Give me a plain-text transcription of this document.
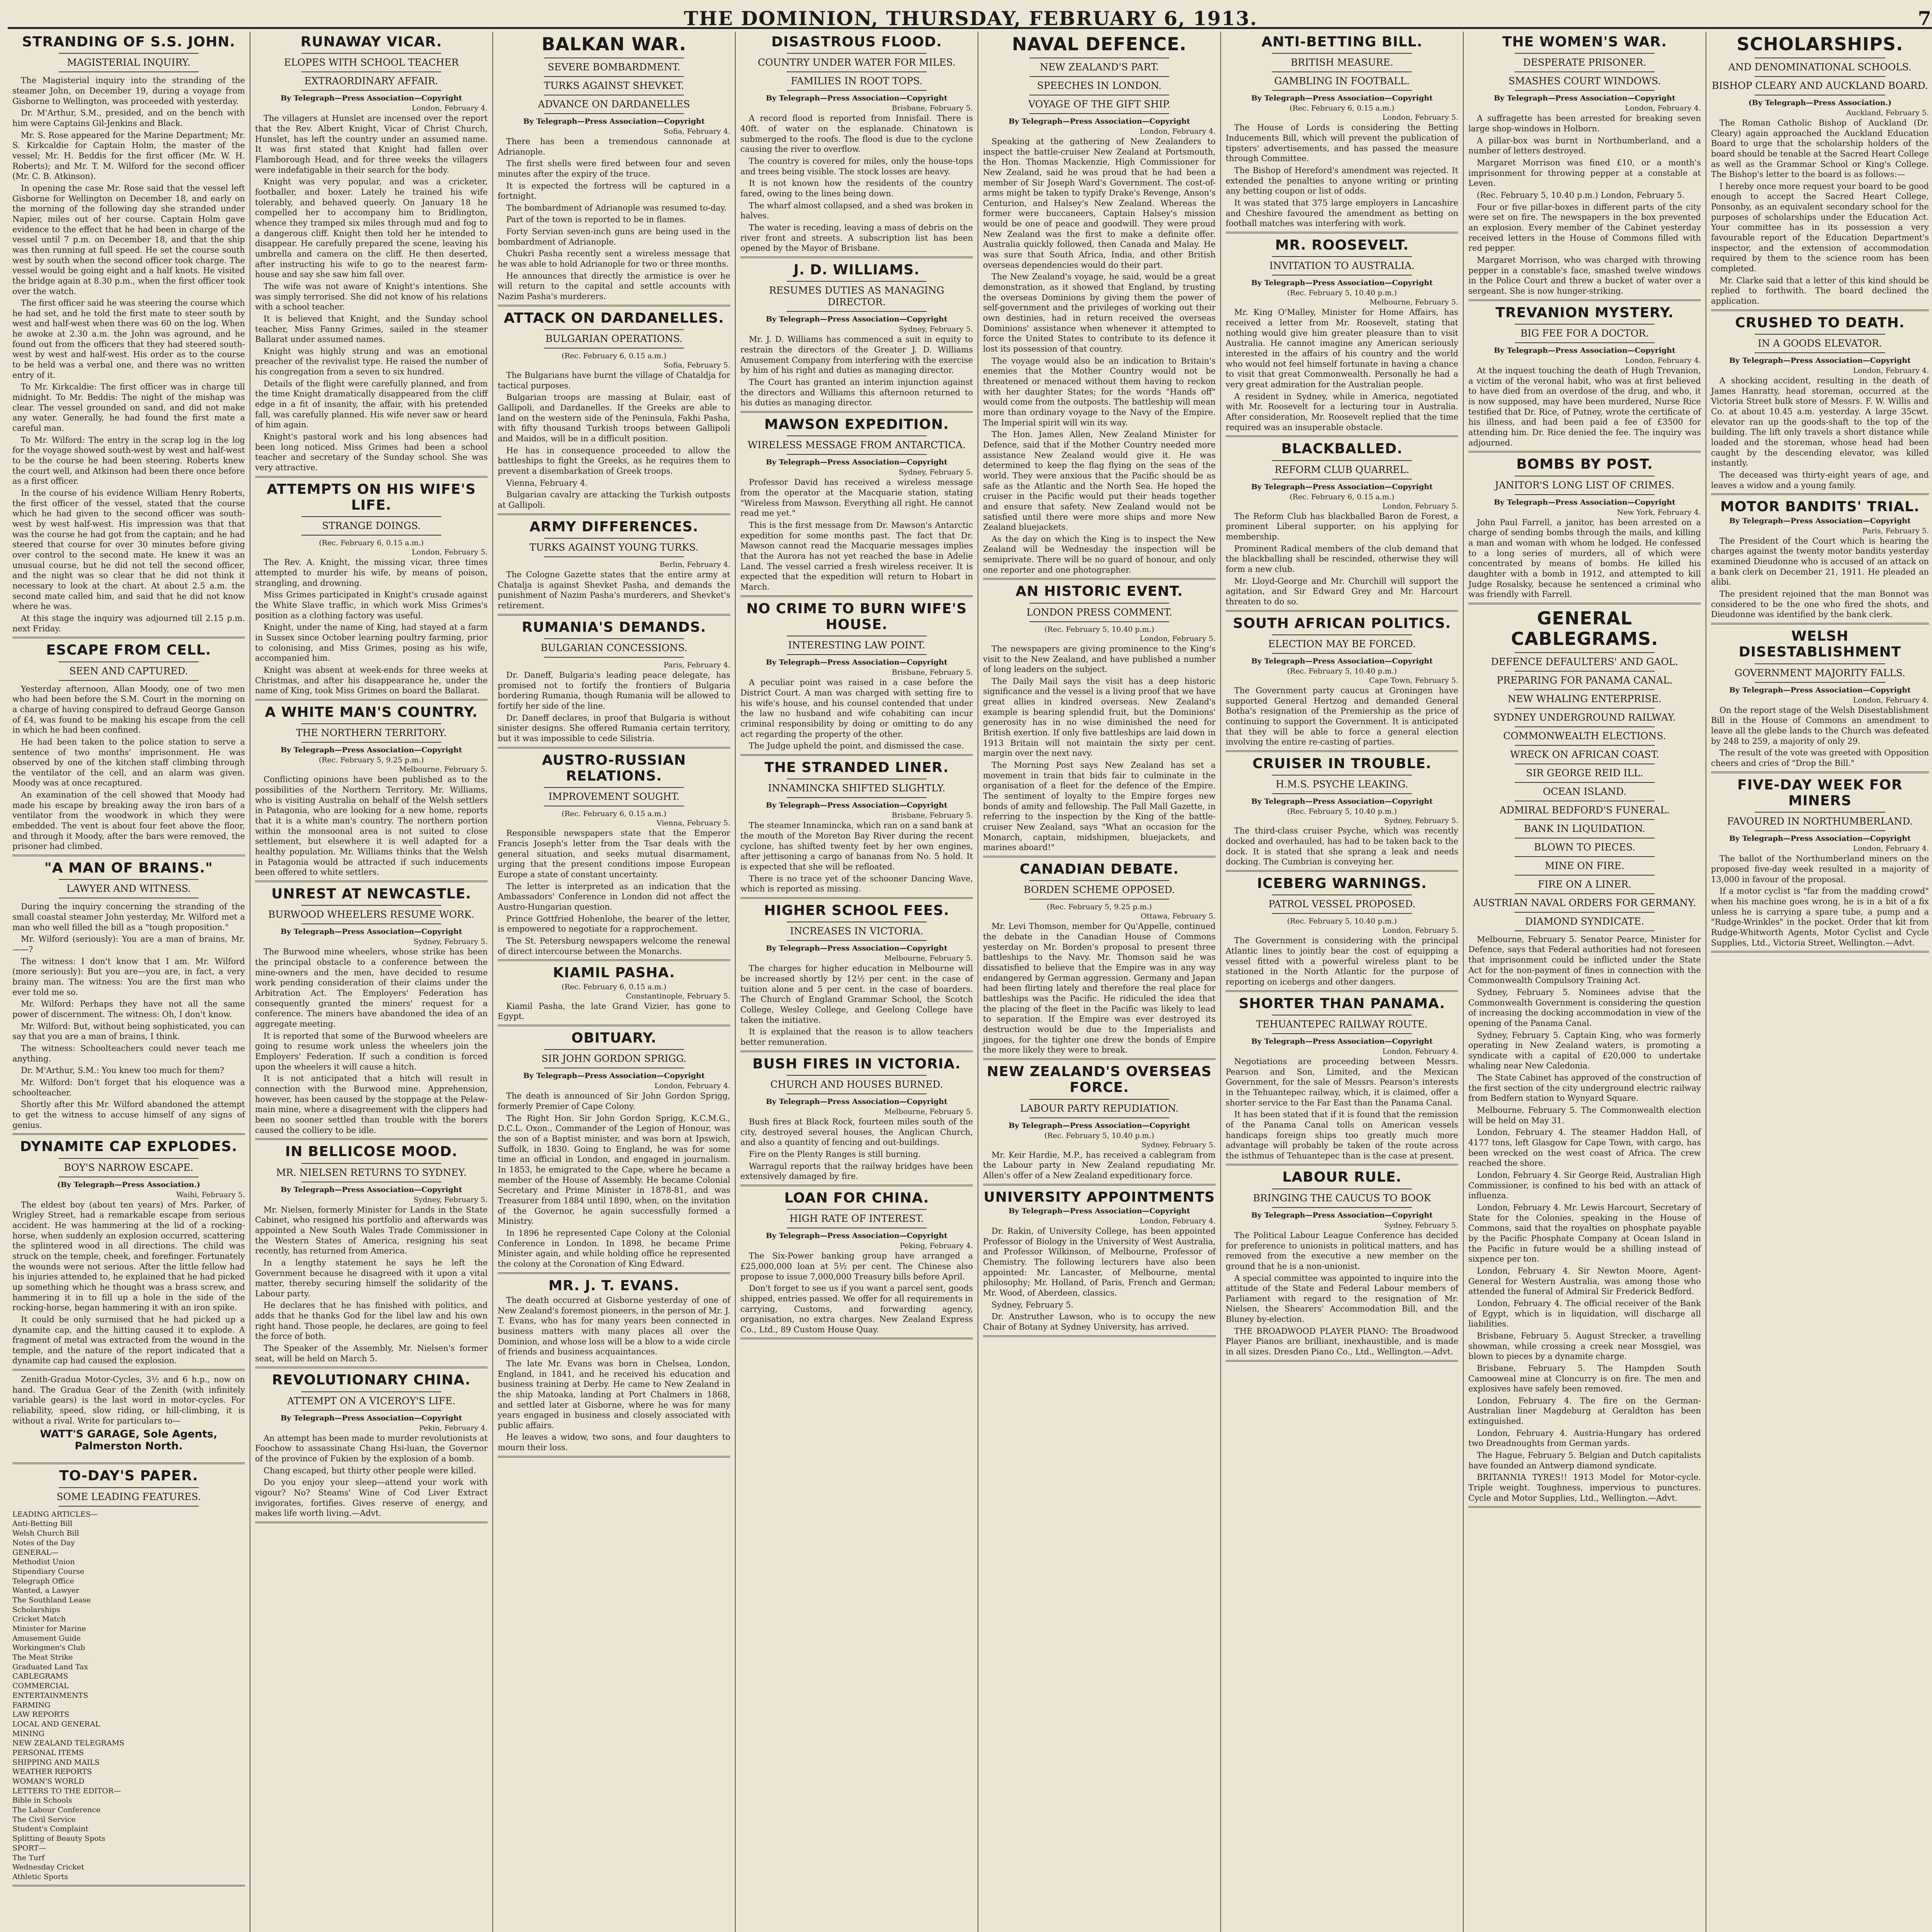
THE DOMINION, THURSDAY, FEBRUARY 6, 1913.	7
STRANDING OF S.S. JOHN.
MAGISTERIAL INQUIRY.

The Magisterial inquiry into the stranding of the steamer John, on December 19, during a voyage from Gisborne to Wellington, was proceeded with yesterday.

Dr. M'Arthur, S.M., presided, and on the bench with him were Captains Gil-Jenkins and Black.

Mr. S. Rose appeared for the Marine Department; Mr. S. Kirkcaldie for Captain Holm, the master of the vessel; Mr. H. Beddis for the first officer (Mr. W. H. Roberts); and Mr. T. M. Wilford for the second officer (Mr. C. B. Atkinson).

In opening the case Mr. Rose said that the vessel left Gisborne for Wellington on December 18, and early on the morning of the following day she stranded under Napier, miles out of her course. Captain Holm gave evidence to the effect that he had been in charge of the vessel until 7 p.m. on December 18, and that the ship was then running at full speed. He set the course south west by south when the second officer took charge. The vessel would be going eight and a half knots. He visited the bridge again at 8.30 p.m., when the first officer took over the watch.

The first officer said he was steering the course which he had set, and he told the first mate to steer south by west and half-west when there was 60 on the log. When he awoke at 2.30 a.m. the John was aground, and he found out from the officers that they had steered south-west by west and half-west. His order as to the course to be held was a verbal one, and there was no written entry of it.

To Mr. Kirkcaldie: The first officer was in charge till midnight. To Mr. Beddis: The night of the mishap was clear. The vessel grounded on sand, and did not make any water. Generally, he had found the first mate a careful man.

To Mr. Wilford: The entry in the scrap log in the log for the voyage showed south-west by west and half-west to be the course he had been steering. Roberts knew the court well, and Atkinson had been there once before as a first officer.

In the course of his evidence William Henry Roberts, the first officer of the vessel, stated that the course which he had given to the second officer was south-west by west half-west. His impression was that that was the course he had got from the captain; and he had steered that course for over 30 minutes before giving over control to the second mate. He knew it was an unusual course, but he did not tell the second officer, and the night was so clear that he did not think it necessary to look at the chart. At about 2.5 a.m. the second mate called him, and said that he did not know where he was.

At this stage the inquiry was adjourned till 2.15 p.m. next Friday.

ESCAPE FROM CELL.
SEEN AND CAPTURED.

Yesterday afternoon, Allan Moody, one of two men who had been before the S.M. Court in the morning on a charge of having conspired to defraud George Ganson of £4, was found to be making his escape from the cell in which he had been confined.

He had been taken to the police station to serve a sentence of two months' imprisonment. He was observed by one of the kitchen staff climbing through the ventilator of the cell, and an alarm was given. Moody was at once recaptured.

An examination of the cell showed that Moody had made his escape by breaking away the iron bars of a ventilator from the woodwork in which they were embedded. The vent is about four feet above the floor, and through it Moody, after the bars were removed, the prisoner had climbed.

"A MAN OF BRAINS."
LAWYER AND WITNESS.

During the inquiry concerning the stranding of the small coastal steamer John yesterday, Mr. Wilford met a man who well filled the bill as a "tough proposition."

Mr. Wilford (seriously): You are a man of brains, Mr.——?

The witness: I don't know that I am. Mr. Wilford (more seriously): But you are—you are, in fact, a very brainy man. The witness: You are the first man who ever told me so.

Mr. Wilford: Perhaps they have not all the same power of discernment. The witness: Oh, I don't know.

Mr. Wilford: But, without being sophisticated, you can say that you are a man of brains, I think.

The witness: Schoolteachers could never teach me anything.

Dr. M'Arthur, S.M.: You knew too much for them?

Mr. Wilford: Don't forget that his eloquence was a schoolteacher.

Shortly after this Mr. Wilford abandoned the attempt to get the witness to accuse himself of any signs of genius.

DYNAMITE CAP EXPLODES.
BOY'S NARROW ESCAPE.
(By Telegraph—Press Association.)
Waihi, February 5.

The eldest boy (about ten years) of Mrs. Parker, of Wrigley Street, had a remarkable escape from serious accident. He was hammering at the lid of a rocking-horse, when suddenly an explosion occurred, scattering the splintered wood in all directions. The child was struck on the temple, cheek, and forefinger. Fortunately the wounds were not serious. After the little fellow had his injuries attended to, he explained that he had picked up something which he thought was a brass screw, and hammering it in to fill up a hole in the side of the rocking-horse, began hammering it with an iron spike.

It could be only surmised that he had picked up a dynamite cap, and the hitting caused it to explode. A fragment of metal was extracted from the wound in the temple, and the nature of the report indicated that a dynamite cap had caused the explosion.

Zenith-Gradua Motor-Cycles, 3½ and 6 h.p., now on hand. The Gradua Gear of the Zenith (with infinitely variable gears) is the last word in motor-cycles. For reliability, speed, slow riding, or hill-climbing, it is without a rival. Write for particulars to—

WATT'S GARAGE, Sole Agents, Palmerston North.

TO-DAY'S PAPER.
SOME LEADING FEATURES.
LEADING ARTICLES—
Anti-Betting Bill
Welsh Church Bill
Notes of the Day
GENERAL—
Methodist Union
Stipendiary Course
Telegraph Office
Wanted, a Lawyer
The Southland Lease
Scholarships
Cricket Match
Minister for Marine
Amusement Guide
Workingmen's Club
The Meat Strike
Graduated Land Tax
CABLEGRAMS
COMMERCIAL
ENTERTAINMENTS
FARMING
LAW REPORTS
LOCAL AND GENERAL
MINING
NEW ZEALAND TELEGRAMS
PERSONAL ITEMS
SHIPPING AND MAILS
WEATHER REPORTS
WOMAN'S WORLD
LETTERS TO THE EDITOR—
Bible in Schools
The Labour Conference
The Civil Service
Student's Complaint
Splitting of Beauty Spots
SPORT—
The Turf
Wednesday Cricket
Athletic Sports
RUNAWAY VICAR.
ELOPES WITH SCHOOL TEACHER
EXTRAORDINARY AFFAIR.
By Telegraph—Press Association—Copyright
London, February 4.

The villagers at Hunslet are incensed over the report that the Rev. Albert Knight, Vicar of Christ Church, Hunslet, has left the country under an assumed name. It was first stated that Knight had fallen over Flamborough Head, and for three weeks the villagers were indefatigable in their search for the body.

Knight was very popular, and was a cricketer, footballer, and boxer. Lately he trained his wife tolerably, and behaved queerly. On January 18 he compelled her to accompany him to Bridlington, whence they tramped six miles through mud and fog to a dangerous cliff. Knight then told her he intended to disappear. He carefully prepared the scene, leaving his umbrella and camera on the cliff. He then deserted, after instructing his wife to go to the nearest farm-house and say she saw him fall over.

The wife was not aware of Knight's intentions. She was simply terrorised. She did not know of his relations with a school teacher.

It is believed that Knight, and the Sunday school teacher, Miss Fanny Grimes, sailed in the steamer Ballarat under assumed names.

Knight was highly strung and was an emotional preacher of the revivalist type. He raised the number of his congregation from a seven to six hundred.

Details of the flight were carefully planned, and from the time Knight dramatically disappeared from the cliff edge in a fit of insanity, the affair, with his pretended fall, was carefully planned. His wife never saw or heard of him again.

Knight's pastoral work and his long absences had been long noticed. Miss Grimes had been a school teacher and secretary of the Sunday school. She was very attractive.

ATTEMPTS ON HIS WIFE'S LIFE.
STRANGE DOINGS.
(Rec. February 6, 0.15 a.m.)
London, February 5.

The Rev. A. Knight, the missing vicar, three times attempted to murder his wife, by means of poison, strangling, and drowning.

Miss Grimes participated in Knight's crusade against the White Slave traffic, in which work Miss Grimes's position as a clothing factory was useful.

Knight, under the name of King, had stayed at a farm in Sussex since October learning poultry farming, prior to colonising, and Miss Grimes, posing as his wife, accompanied him.

Knight was absent at week-ends for three weeks at Christmas, and after his disappearance he, under the name of King, took Miss Grimes on board the Ballarat.

A WHITE MAN'S COUNTRY.
THE NORTHERN TERRITORY.
By Telegraph—Press Association—Copyright
(Rec. February 5, 9.25 p.m.)
Melbourne, February 5.

Conflicting opinions have been published as to the possibilities of the Northern Territory. Mr. Williams, who is visiting Australia on behalf of the Welsh settlers in Patagonia, who are looking for a new home, reports that it is a white man's country. The northern portion within the monsoonal area is not suited to close settlement, but elsewhere it is well adapted for a healthy population. Mr. Williams thinks that the Welsh in Patagonia would be attracted if such inducements been offered to white settlers.

UNREST AT NEWCASTLE.
BURWOOD WHEELERS RESUME WORK.
By Telegraph—Press Association—Copyright
Sydney, February 5.

The Burwood mine wheelers, whose strike has been the principal obstacle to a conference between the mine-owners and the men, have decided to resume work pending consideration of their claims under the Arbitration Act. The Employers' Federation has consequently granted the miners' request for a conference. The miners have abandoned the idea of an aggregate meeting.

It is reported that some of the Burwood wheelers are going to resume work unless the wheelers join the Employers' Federation. If such a condition is forced upon the wheelers it will cause a hitch.

It is not anticipated that a hitch will result in connection with the Burwood mine. Apprehension, however, has been caused by the stoppage at the Pelaw-main mine, where a disagreement with the clippers had been no sooner settled than trouble with the borers caused the colliery to be idle.

IN BELLICOSE MOOD.
MR. NIELSEN RETURNS TO SYDNEY.
By Telegraph—Press Association—Copyright
Sydney, February 5.

Mr. Nielsen, formerly Minister for Lands in the State Cabinet, who resigned his portfolio and afterwards was appointed a New South Wales Trade Commissioner in the Western States of America, resigning his seat recently, has returned from America.

In a lengthy statement he says he left the Government because he disagreed with it upon a vital matter, thereby securing himself the solidarity of the Labour party.

He declares that he has finished with politics, and adds that he thanks God for the libel law and his own right hand. Those people, he declares, are going to feel the force of both.

The Speaker of the Assembly, Mr. Nielsen's former seat, will be held on March 5.

REVOLUTIONARY CHINA.
ATTEMPT ON A VICEROY'S LIFE.
By Telegraph—Press Association—Copyright
Pekin, February 4.

An attempt has been made to murder revolutionists at Foochow to assassinate Chang Hsi-luan, the Governor of the province of Fukien by the explosion of a bomb.

Chang escaped, but thirty other people were killed.

Do you enjoy your sleep—attend your work with vigour? No? Steams' Wine of Cod Liver Extract invigorates, fortifies. Gives reserve of energy, and makes life worth living.—Advt.

BALKAN WAR.
SEVERE BOMBARDMENT.
TURKS AGAINST SHEVKET.
ADVANCE ON DARDANELLES
By Telegraph—Press Association—Copyright
Sofia, February 4.

There has been a tremendous cannonade at Adrianople.

The first shells were fired between four and seven minutes after the expiry of the truce.

It is expected the fortress will be captured in a fortnight.

The bombardment of Adrianople was resumed to-day.

Part of the town is reported to be in flames.

Forty Servian seven-inch guns are being used in the bombardment of Adrianople.

Chukri Pasha recently sent a wireless message that he was able to hold Adrianople for two or three months.

He announces that directly the armistice is over he will return to the capital and settle accounts with Nazim Pasha's murderers.

ATTACK ON DARDANELLES.
BULGARIAN OPERATIONS.
(Rec. February 6, 0.15 a.m.)
Sofia, February 5.

The Bulgarians have burnt the village of Chataldja for tactical purposes.

Bulgarian troops are massing at Bulair, east of Gallipoli, and Dardanelles. If the Greeks are able to land on the western side of the Peninsula, Fakhi Pasha, with fifty thousand Turkish troops between Gallipoli and Maidos, will be in a difficult position.

He has in consequence proceeded to allow the battleships to fight the Greeks, as he requires them to prevent a disembarkation of Greek troops.

Vienna, February 4.

Bulgarian cavalry are attacking the Turkish outposts at Gallipoli.

ARMY DIFFERENCES.
TURKS AGAINST YOUNG TURKS.
Berlin, February 4.

The Cologne Gazette states that the entire army at Chatalja is against Shevket Pasha, and demands the punishment of Nazim Pasha's murderers, and Shevket's retirement.

RUMANIA'S DEMANDS.
BULGARIAN CONCESSIONS.
Paris, February 4.

Dr. Daneff, Bulgaria's leading peace delegate, has promised not to fortify the frontiers of Bulgaria bordering Rumania, though Rumania will be allowed to fortify her side of the line.

Dr. Daneff declares, in proof that Bulgaria is without sinister designs. She offered Rumania certain territory, but it was impossible to cede Silistria.

AUSTRO-RUSSIAN RELATIONS.
IMPROVEMENT SOUGHT.
(Rec. February 6, 0.15 a.m.)
Vienna, February 5.

Responsible newspapers state that the Emperor Francis Joseph's letter from the Tsar deals with the general situation, and seeks mutual disarmament, urging that the present conditions impose European Europe a state of constant uncertainty.

The letter is interpreted as an indication that the Ambassadors' Conference in London did not affect the Austro-Hungarian question.

Prince Gottfried Hohenlohe, the bearer of the letter, is empowered to negotiate for a rapprochement.

The St. Petersburg newspapers welcome the renewal of direct intercourse between the Monarchs.

KIAMIL PASHA.
(Rec. February 6, 0.15 a.m.)
Constantinople, February 5.

Kiamil Pasha, the late Grand Vizier, has gone to Egypt.

OBITUARY.
SIR JOHN GORDON SPRIGG.
By Telegraph—Press Association—Copyright
London, February 4.

The death is announced of Sir John Gordon Sprigg, formerly Premier of Cape Colony.

The Right Hon. Sir John Gordon Sprigg, K.C.M.G., D.C.L. Oxon., Commander of the Legion of Honour, was the son of a Baptist minister, and was born at Ipswich, Suffolk, in 1830. Going to England, he was for some time an official in London, and engaged in journalism. In 1853, he emigrated to the Cape, where he became a member of the House of Assembly. He became Colonial Secretary and Prime Minister in 1878-81, and was Treasurer from 1884 until 1890, when, on the invitation of the Governor, he again successfully formed a Ministry.

In 1896 he represented Cape Colony at the Colonial Conference in London. In 1898, he became Prime Minister again, and while holding office he represented the colony at the Coronation of King Edward.

MR. J. T. EVANS.

The death occurred at Gisborne yesterday of one of New Zealand's foremost pioneers, in the person of Mr. J. T. Evans, who has for many years been connected in business matters with many places all over the Dominion, and whose loss will be a blow to a wide circle of friends and business acquaintances.

The late Mr. Evans was born in Chelsea, London, England, in 1841, and he received his education and business training at Derby. He came to New Zealand in the ship Matoaka, landing at Port Chalmers in 1868, and settled later at Gisborne, where he was for many years engaged in business and closely associated with public affairs.

He leaves a widow, two sons, and four daughters to mourn their loss.

DISASTROUS FLOOD.
COUNTRY UNDER WATER FOR MILES.
FAMILIES IN ROOT TOPS.
By Telegraph—Press Association—Copyright
Brisbane, February 5.

A record flood is reported from Innisfail. There is 40ft. of water on the esplanade. Chinatown is submerged to the roofs. The flood is due to the cyclone causing the river to overflow.

The country is covered for miles, only the house-tops and trees being visible. The stock losses are heavy.

It is not known how the residents of the country fared, owing to the lines being down.

The wharf almost collapsed, and a shed was broken in halves.

The water is receding, leaving a mass of debris on the river front and streets. A subscription list has been opened by the Mayor of Brisbane.

J. D. WILLIAMS.
RESUMES DUTIES AS MANAGING DIRECTOR.
By Telegraph—Press Association—Copyright
Sydney, February 5.

Mr. J. D. Williams has commenced a suit in equity to restrain the directors of the Greater J. D. Williams Amusement Company from interfering with the exercise by him of his right and duties as managing director.

The Court has granted an interim injunction against the directors and Williams this afternoon returned to his duties as managing director.

MAWSON EXPEDITION.
WIRELESS MESSAGE FROM ANTARCTICA.
By Telegraph—Press Association—Copyright
Sydney, February 5.

Professor David has received a wireless message from the operator at the Macquarie station, stating "Wireless from Mawson. Everything all right. He cannot read me yet."

This is the first message from Dr. Mawson's Antarctic expedition for some months past. The fact that Dr. Mawson cannot read the Macquarie messages implies that the Aurora has not yet reached the base in Adelie Land. The vessel carried a fresh wireless receiver. It is expected that the expedition will return to Hobart in March.

NO CRIME TO BURN WIFE'S HOUSE.
INTERESTING LAW POINT.
By Telegraph—Press Association—Copyright
Brisbane, February 5.

A peculiar point was raised in a case before the District Court. A man was charged with setting fire to his wife's house, and his counsel contended that under the law no husband and wife cohabiting can incur criminal responsibility by doing or omitting to do any act regarding the property of the other.

The Judge upheld the point, and dismissed the case.

THE STRANDED LINER.
INNAMINCKA SHIFTED SLIGHTLY.
By Telegraph—Press Association—Copyright
Brisbane, February 5.

The steamer Innamincka, which ran on a sand bank at the mouth of the Moreton Bay River during the recent cyclone, has shifted twenty feet by her own engines, after jettisoning a cargo of bananas from No. 5 hold. It is expected that she will be refloated.

There is no trace yet of the schooner Dancing Wave, which is reported as missing.

HIGHER SCHOOL FEES.
INCREASES IN VICTORIA.
By Telegraph—Press Association—Copyright
Melbourne, February 5.

The charges for higher education in Melbourne will be increased shortly by 12½ per cent. in the case of tuition alone and 5 per cent. in the case of boarders. The Church of England Grammar School, the Scotch College, Wesley College, and Geelong College have taken the initiative.

It is explained that the reason is to allow teachers better remuneration.

BUSH FIRES IN VICTORIA.
CHURCH AND HOUSES BURNED.
By Telegraph—Press Association—Copyright
Melbourne, February 5.

Bush fires at Black Rock, fourteen miles south of the city, destroyed several houses, the Anglican Church, and also a quantity of fencing and out-buildings.

Fire on the Plenty Ranges is still burning.

Warragul reports that the railway bridges have been extensively damaged by fire.

LOAN FOR CHINA.
HIGH RATE OF INTEREST.
By Telegraph—Press Association—Copyright
Peking, February 4.

The Six-Power banking group have arranged a £25,000,000 loan at 5½ per cent. The Chinese also propose to issue 7,000,000 Treasury bills before April.

Don't forget to see us if you want a parcel sent, goods shipped, entries passed. We offer for all requirements in carrying, Customs, and forwarding agency, organisation, no extra charges. New Zealand Express Co., Ltd., 89 Custom House Quay.

NAVAL DEFENCE.
NEW ZEALAND'S PART.
SPEECHES IN LONDON.
VOYAGE OF THE GIFT SHIP.
By Telegraph—Press Association—Copyright
London, February 4.

Speaking at the gathering of New Zealanders to inspect the battle-cruiser New Zealand at Portsmouth, the Hon. Thomas Mackenzie, High Commissioner for New Zealand, said he was proud that he had been a member of Sir Joseph Ward's Government. The cost-of-arms might be taken to typify Drake's Revenge, Anson's Centurion, and Halsey's New Zealand. Whereas the former were buccaneers, Captain Halsey's mission would be one of peace and goodwill. They were proud New Zealand was the first to make a definite offer. Australia quickly followed, then Canada and Malay. He was sure that South Africa, India, and other British overseas dependencies would do their part.

The New Zealand's voyage, he said, would be a great demonstration, as it showed that England, by trusting the overseas Dominions by giving them the power of self-government and the privileges of working out their own destinies, had in return received the overseas Dominions' assistance when whenever it attempted to force the United States to contribute to its defence it lost its possession of that country.

The voyage would also be an indication to Britain's enemies that the Mother Country would not be threatened or menaced without them having to reckon with her daughter States; for the words "Hands off" would come from the outposts. The battleship will mean more than ordinary voyage to the Navy of the Empire. The Imperial spirit will win its way.

The Hon. James Allen, New Zealand Minister for Defence, said that if the Mother Country needed more assistance New Zealand would give it. He was determined to keep the flag flying on the seas of the world. They were anxious that the Pacific should be as safe as the Atlantic and the North Sea. He hoped the cruiser in the Pacific would put their heads together and ensure that safety. New Zealand would not be satisfied until there were more ships and more New Zealand bluejackets.

As the day on which the King is to inspect the New Zealand will be Wednesday the inspection will be semiprivate. There will be no guard of honour, and only one reporter and one photographer.

AN HISTORIC EVENT.
LONDON PRESS COMMENT.
(Rec. February 5, 10.40 p.m.)
London, February 5.

The newspapers are giving prominence to the King's visit to the New Zealand, and have published a number of long leaders on the subject.

The Daily Mail says the visit has a deep historic significance and the vessel is a living proof that we have great allies in kindred overseas. New Zealand's example is bearing splendid fruit, but the Dominions' generosity has in no wise diminished the need for British exertion. If only five battleships are laid down in 1913 Britain will not maintain the sixty per cent. margin over the next navy.

The Morning Post says New Zealand has set a movement in train that bids fair to culminate in the organisation of a fleet for the defence of the Empire. The sentiment of loyalty to the Empire forges new bonds of amity and fellowship. The Pall Mall Gazette, in referring to the inspection by the King of the battle-cruiser New Zealand, says "What an occasion for the Monarch, captain, midshipmen, bluejackets, and marines aboard!"

CANADIAN DEBATE.
BORDEN SCHEME OPPOSED.
(Rec. February 5, 9.25 p.m.)
Ottawa, February 5.

Mr. Levi Thomson, member for Qu'Appelle, continued the debate in the Canadian House of Commons yesterday on Mr. Borden's proposal to present three battleships to the Navy. Mr. Thomson said he was dissatisfied to believe that the Empire was in any way endangered by German aggression. Germany and Japan had been flirting lately and therefore the real place for battleships was the Pacific. He ridiculed the idea that the placing of the fleet in the Pacific was likely to lead to separation. If the Empire was ever destroyed its destruction would be due to the Imperialists and jingoes, for the tighter one drew the bonds of Empire the more likely they were to break.

NEW ZEALAND'S OVERSEAS FORCE.
LABOUR PARTY REPUDIATION.
By Telegraph—Press Association—Copyright
(Rec. February 5, 10.40 p.m.)
Sydney, February 5.

Mr. Keir Hardie, M.P., has received a cablegram from the Labour party in New Zealand repudiating Mr. Allen's offer of a New Zealand expeditionary force.

UNIVERSITY APPOINTMENTS
By Telegraph—Press Association—Copyright
London, February 4.

Dr. Rakin, of University College, has been appointed Professor of Biology in the University of West Australia, and Professor Wilkinson, of Melbourne, Professor of Chemistry. The following lecturers have also been appointed: Mr. Lancaster, of Melbourne, mental philosophy; Mr. Holland, of Paris, French and German; Mr. Wood, of Aberdeen, classics.

Sydney, February 5.

Dr. Anstruther Lawson, who is to occupy the new Chair of Botany at Sydney University, has arrived.

ANTI-BETTING BILL.
BRITISH MEASURE.
GAMBLING IN FOOTBALL.
By Telegraph—Press Association—Copyright
(Rec. February 6, 0.15 a.m.)
London, February 5.

The House of Lords is considering the Betting Inducements Bill, which will prevent the publication of tipsters' advertisements, and has passed the measure through Committee.

The Bishop of Hereford's amendment was rejected. It extended the penalties to anyone writing or printing any betting coupon or list of odds.

It was stated that 375 large employers in Lancashire and Cheshire favoured the amendment as betting on football matches was interfering with work.

MR. ROOSEVELT.
INVITATION TO AUSTRALIA.
By Telegraph—Press Association—Copyright
(Rec. February 5, 10.40 p.m.)
Melbourne, February 5.

Mr. King O'Malley, Minister for Home Affairs, has received a letter from Mr. Roosevelt, stating that nothing would give him greater pleasure than to visit Australia. He cannot imagine any American seriously interested in the affairs of his country and the world who would not feel himself fortunate in having a chance to visit that great Commonwealth. Personally he had a very great admiration for the Australian people.

A resident in Sydney, while in America, negotiated with Mr. Roosevelt for a lecturing tour in Australia. After consideration, Mr. Roosevelt replied that the time required was an insuperable obstacle.

BLACKBALLED.
REFORM CLUB QUARREL.
By Telegraph—Press Association—Copyright
(Rec. February 6, 0.15 a.m.)
London, February 5.

The Reform Club has blackballed Baron de Forest, a prominent Liberal supporter, on his applying for membership.

Prominent Radical members of the club demand that the blackballing shall be rescinded, otherwise they will form a new club.

Mr. Lloyd-George and Mr. Churchill will support the agitation, and Sir Edward Grey and Mr. Harcourt threaten to do so.

SOUTH AFRICAN POLITICS.
ELECTION MAY BE FORCED.
By Telegraph—Press Association—Copyright
(Rec. February 5, 10.40 p.m.)
Cape Town, February 5.

The Government party caucus at Groningen have supported General Hertzog and demanded General Botha's resignation of the Premiership as the price of continuing to support the Government. It is anticipated that they will be able to force a general election involving the entire re-casting of parties.

CRUISER IN TROUBLE.
H.M.S. PSYCHE LEAKING.
By Telegraph—Press Association—Copyright
(Rec. February 5, 10.40 p.m.)
Sydney, February 5.

The third-class cruiser Psyche, which was recently docked and overhauled, has had to be taken back to the dock. It is stated that she sprang a leak and needs docking. The Cumbrian is conveying her.

ICEBERG WARNINGS.
PATROL VESSEL PROPOSED.
(Rec. February 5, 10.40 p.m.)
London, February 5.

The Government is considering with the principal Atlantic lines to jointly bear the cost of equipping a vessel fitted with a powerful wireless plant to be stationed in the North Atlantic for the purpose of reporting on icebergs and other dangers.

SHORTER THAN PANAMA.
TEHUANTEPEC RAILWAY ROUTE.
By Telegraph—Press Association—Copyright
London, February 4.

Negotiations are proceeding between Messrs. Pearson and Son, Limited, and the Mexican Government, for the sale of Messrs. Pearson's interests in the Tehuantepec railway, which, it is claimed, offer a shorter service to the Far East than the Panama Canal.

It has been stated that if it is found that the remission of the Panama Canal tolls on American vessels handicaps foreign ships too greatly much more advantage will probably be taken of the route across the isthmus of Tehuantepec than is the case at present.

LABOUR RULE.
BRINGING THE CAUCUS TO BOOK
By Telegraph—Press Association—Copyright
Sydney, February 5.

The Political Labour League Conference has decided for preference to unionists in political matters, and has removed from the executive a new member on the ground that he is a non-unionist.

A special committee was appointed to inquire into the attitude of the State and Federal Labour members of Parliament with regard to the resignation of Mr. Nielsen, the Shearers' Accommodation Bill, and the Bluney by-election.

THE BROADWOOD PLAYER PIANO: The Broadwood Player Pianos are brilliant, inexhaustible, and is made in all sizes. Dresden Piano Co., Ltd., Wellington.—Advt.

THE WOMEN'S WAR.
DESPERATE PRISONER.
SMASHES COURT WINDOWS.
By Telegraph—Press Association—Copyright
London, February 4.

A suffragette has been arrested for breaking seven large shop-windows in Holborn.

A pillar-box was burnt in Northumberland, and a number of letters destroyed.

Margaret Morrison was fined £10, or a month's imprisonment for throwing pepper at a constable at Leven.

(Rec. February 5, 10.40 p.m.) London, February 5.

Four or five pillar-boxes in different parts of the city were set on fire. The newspapers in the box prevented an explosion. Every member of the Cabinet yesterday received letters in the House of Commons filled with red pepper.

Margaret Morrison, who was charged with throwing pepper in a constable's face, smashed twelve windows in the Police Court and threw a bucket of water over a sergeant. She is now hunger-striking.

TREVANION MYSTERY.
BIG FEE FOR A DOCTOR.
By Telegraph—Press Association—Copyright
London, February 4.

At the inquest touching the death of Hugh Trevanion, a victim of the veronal habit, who was at first believed to have died from an overdose of the drug, and who, it is now supposed, may have been murdered, Nurse Rice testified that Dr. Rice, of Putney, wrote the certificate of his illness, and had been paid a fee of £3500 for attending him. Dr. Rice denied the fee. The inquiry was adjourned.

BOMBS BY POST.
JANITOR'S LONG LIST OF CRIMES.
By Telegraph—Press Association—Copyright
New York, February 4.

John Paul Farrell, a janitor, has been arrested on a charge of sending bombs through the mails, and killing a man and woman with whom he lodged. He confessed to a long series of murders, all of which were concentrated by means of bombs. He killed his daughter with a bomb in 1912, and attempted to kill Judge Rosalsky, because he sentenced a criminal who was friendly with Farrell.

GENERAL CABLEGRAMS.
DEFENCE DEFAULTERS' AND GAOL.
PREPARING FOR PANAMA CANAL.
NEW WHALING ENTERPRISE.
SYDNEY UNDERGROUND RAILWAY.
COMMONWEALTH ELECTIONS.
WRECK ON AFRICAN COAST.
SIR GEORGE REID ILL.
OCEAN ISLAND.
ADMIRAL BEDFORD'S FUNERAL.
BANK IN LIQUIDATION.
BLOWN TO PIECES.
MINE ON FIRE.
FIRE ON A LINER.
AUSTRIAN NAVAL ORDERS FOR GERMANY.
DIAMOND SYNDICATE.

Melbourne, February 5. Senator Pearce, Minister for Defence, says that Federal authorities had not foreseen that imprisonment could be inflicted under the State Act for the non-payment of fines in connection with the Commonwealth Compulsory Training Act.

Sydney, February 5. Nominees advise that the Commonwealth Government is considering the question of increasing the docking accommodation in view of the opening of the Panama Canal.

Sydney, February 5. Captain King, who was formerly operating in New Zealand waters, is promoting a syndicate with a capital of £20,000 to undertake whaling near New Caledonia.

The State Cabinet has approved of the construction of the first section of the city underground electric railway from Bedfern station to Wynyard Square.

Melbourne, February 5. The Commonwealth election will be held on May 31.

London, February 4. The steamer Haddon Hall, of 4177 tons, left Glasgow for Cape Town, with cargo, has been wrecked on the west coast of Africa. The crew reached the shore.

London, February 4. Sir George Reid, Australian High Commissioner, is confined to his bed with an attack of influenza.

London, February 4. Mr. Lewis Harcourt, Secretary of State for the Colonies, speaking in the House of Commons, said that the royalties on phosphate payable by the Pacific Phosphate Company at Ocean Island in the Pacific in future would be a shilling instead of sixpence per ton.

London, February 4. Sir Newton Moore, Agent-General for Western Australia, was among those who attended the funeral of Admiral Sir Frederick Bedford.

London, February 4. The official receiver of the Bank of Egypt, which is in liquidation, will discharge all liabilities.

Brisbane, February 5. August Strecker, a travelling showman, while crossing a creek near Mossgiel, was blown to pieces by a dynamite charge.

Brisbane, February 5. The Hampden South Camooweal mine at Cloncurry is on fire. The men and explosives have safely been removed.

London, February 4. The fire on the German-Australian liner Magdeburg at Geraldton has been extinguished.

London, February 4. Austria-Hungary has ordered two Dreadnoughts from German yards.

The Hague, February 5. Belgian and Dutch capitalists have founded an Antwerp diamond syndicate.

BRITANNIA TYRES!! 1913 Model for Motor-cycle. Triple weight. Toughness, impervious to punctures. Cycle and Motor Supplies, Ltd., Wellington.—Advt.

SCHOLARSHIPS.
AND DENOMINATIONAL SCHOOLS.
BISHOP CLEARY AND AUCKLAND BOARD.
(By Telegraph—Press Association.)
Auckland, February 5.

The Roman Catholic Bishop of Auckland (Dr. Cleary) again approached the Auckland Education Board to urge that the scholarship holders of the board should be tenable at the Sacred Heart College as well as the Grammar School or King's College. The Bishop's letter to the board is as follows:—

I hereby once more request your board to be good enough to accept the Sacred Heart College, Ponsonby, as an equivalent secondary school for the purposes of scholarships under the Education Act. Your committee has in its possession a very favourable report of the Education Department's inspector, and the extension of accommodation required by them to the science room has been completed.

Mr. Clarke said that a letter of this kind should be replied to forthwith. The board declined the application.

CRUSHED TO DEATH.
IN A GOODS ELEVATOR.
By Telegraph—Press Association—Copyright
London, February 4.

A shocking accident, resulting in the death of James Hanratty, head storeman, occurred at the Victoria Street bulk store of Messrs. F. W. Willis and Co. at about 10.45 a.m. yesterday. A large 35cwt. elevator ran up the goods-shaft to the top of the building. The lift only travels a short distance while loaded and the storeman, whose head had been caught by the descending elevator, was killed instantly.

The deceased was thirty-eight years of age, and leaves a widow and a young family.

MOTOR BANDITS' TRIAL.
By Telegraph—Press Association—Copyright
Paris, February 5.

The President of the Court which is hearing the charges against the twenty motor bandits yesterday examined Dieudonne who is accused of an attack on a bank clerk on December 21, 1911. He pleaded an alibi.

The president rejoined that the man Bonnot was considered to be the one who fired the shots, and Dieudonne was identified by the bank clerk.

WELSH DISESTABLISHMENT
GOVERNMENT MAJORITY FALLS.
By Telegraph—Press Association—Copyright
London, February 4.

On the report stage of the Welsh Disestablishment Bill in the House of Commons an amendment to leave all the glebe lands to the Church was defeated by 248 to 259, a majority of only 29.

The result of the vote was greeted with Opposition cheers and cries of "Drop the Bill."

FIVE-DAY WEEK FOR MINERS
FAVOURED IN NORTHUMBERLAND.
By Telegraph—Press Association—Copyright
London, February 4.

The ballot of the Northumberland miners on the proposed five-day week resulted in a majority of 13,000 in favour of the proposal.

If a motor cyclist is "far from the madding crowd" when his machine goes wrong, he is in a bit of a fix unless he is carrying a spare tube, a pump and a "Rudge-Wrinkles" in the pocket. Order that kit from Rudge-Whitworth Agents, Motor Cyclist and Cycle Supplies, Ltd., Victoria Street, Wellington.—Advt.
